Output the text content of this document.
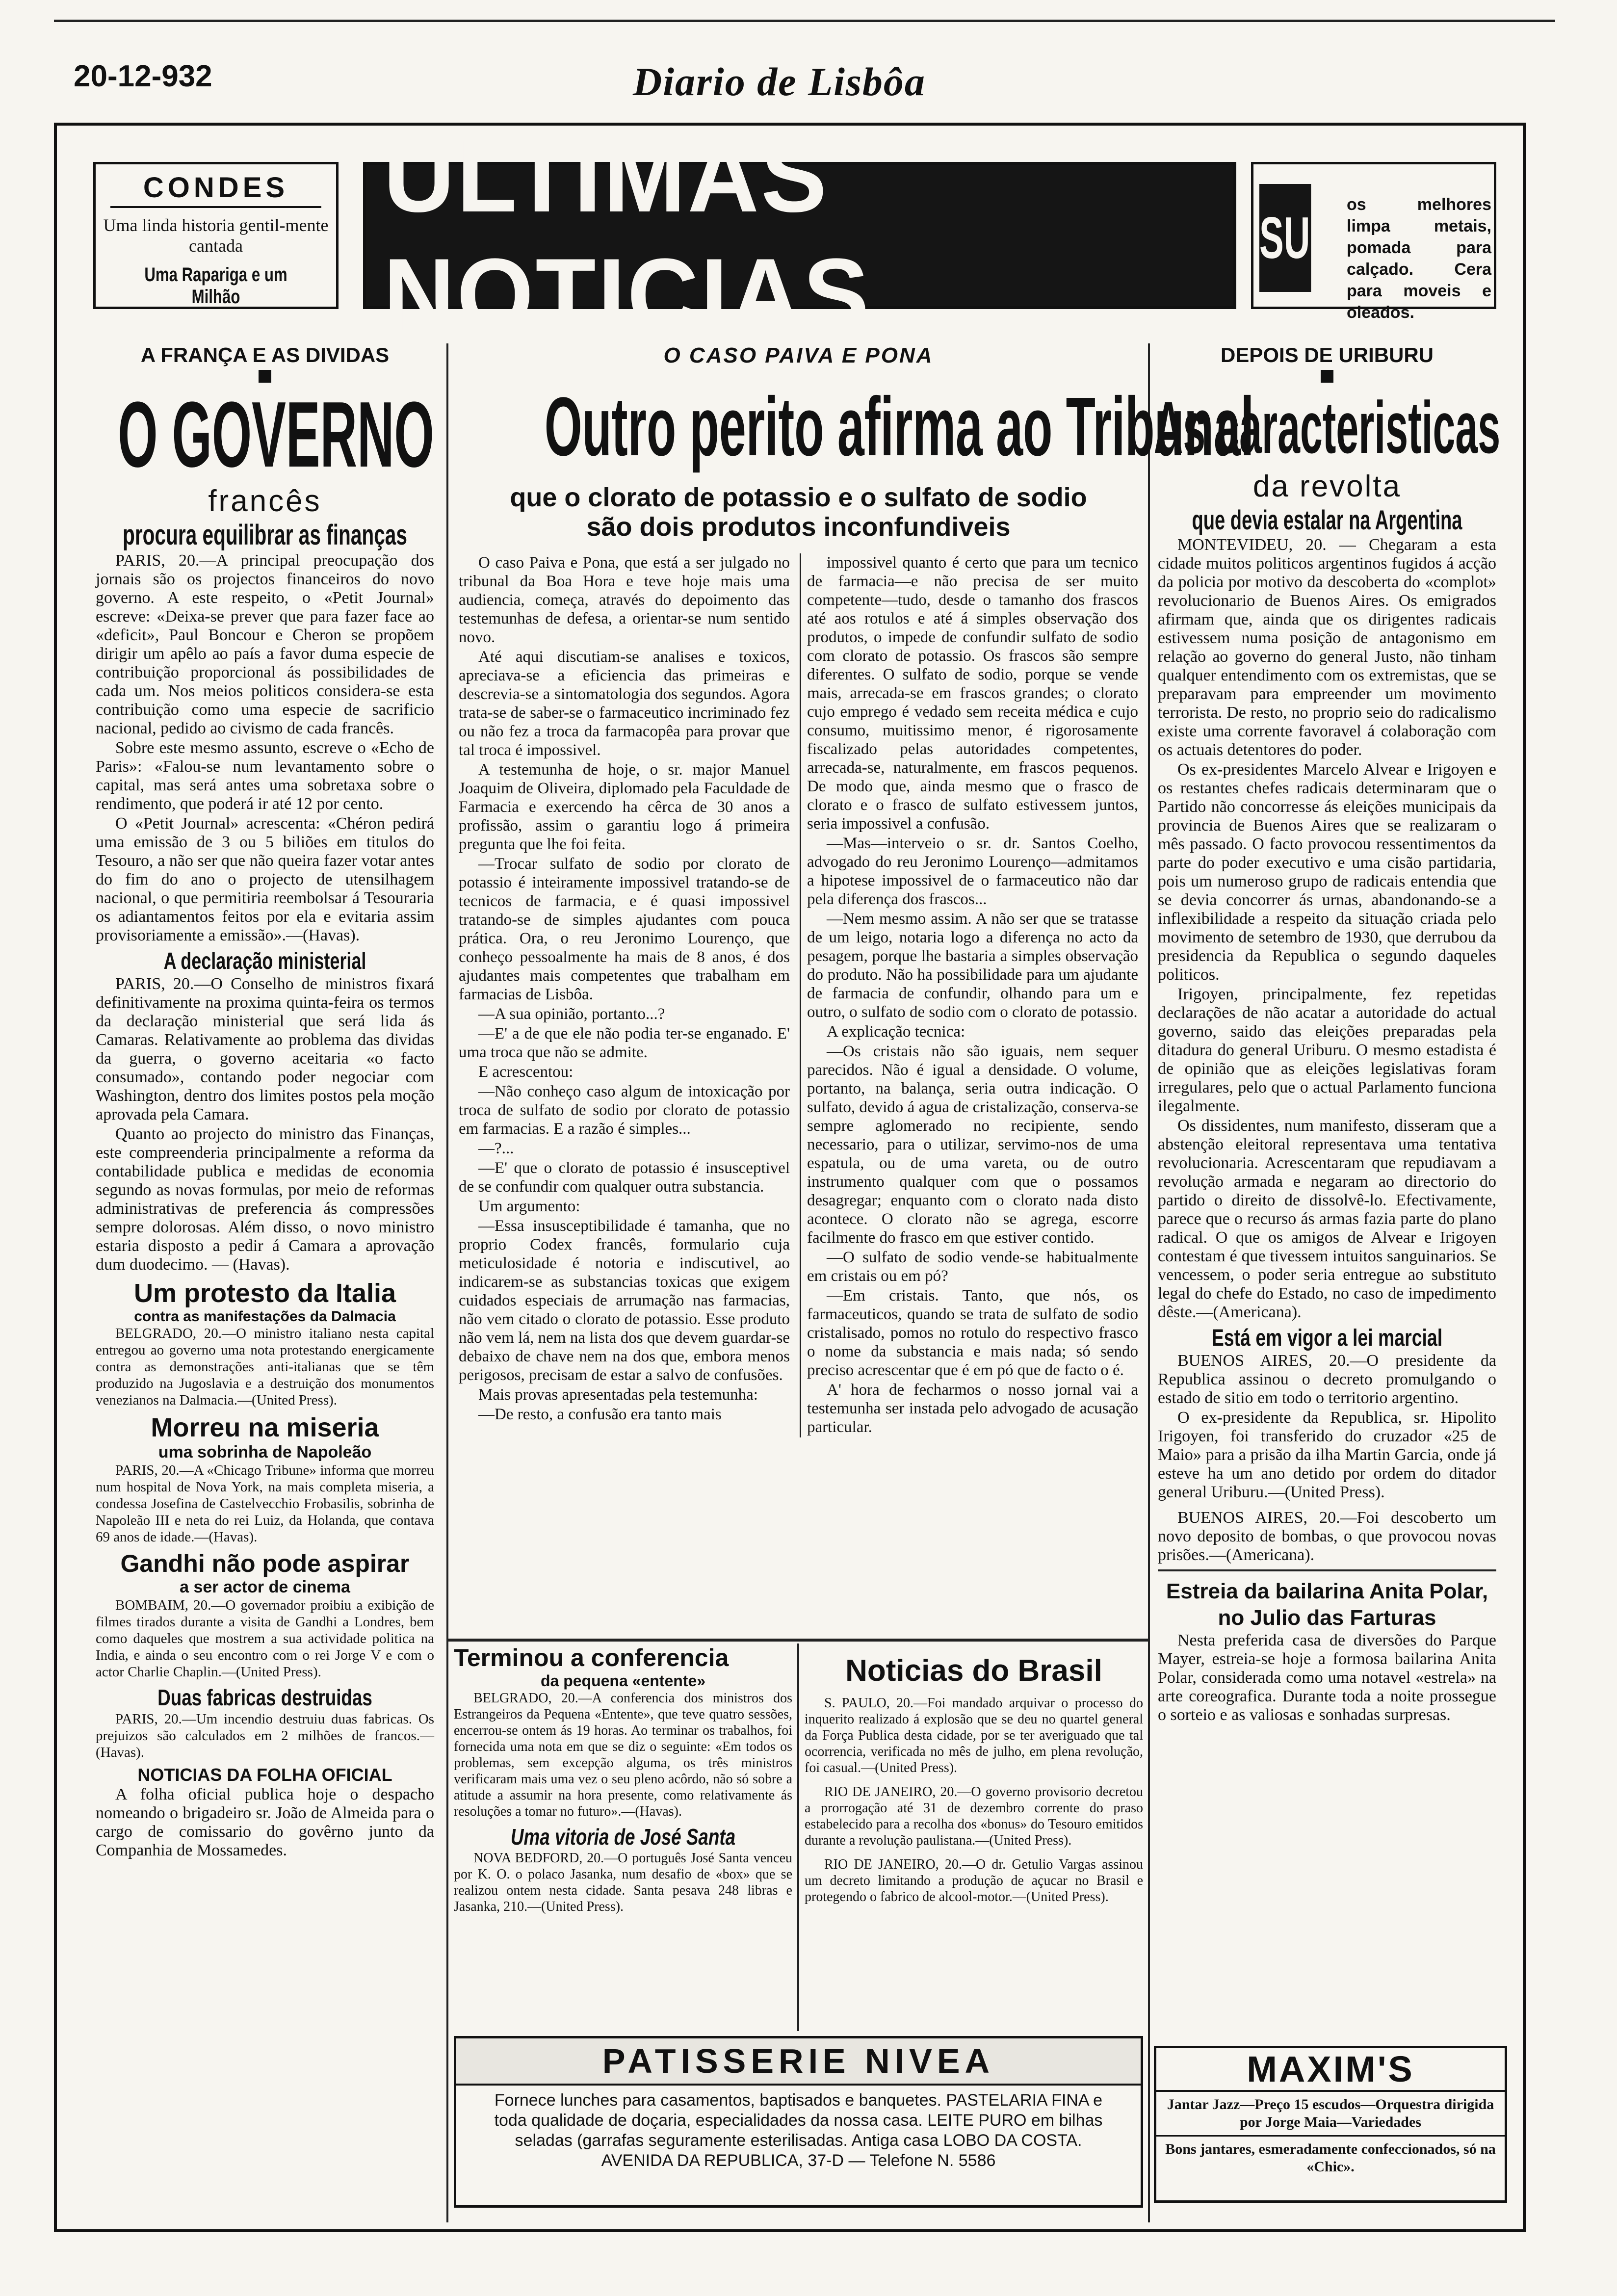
20-12-932	Diario de Lisbôa
CONDES
Uma linda historia gentil-mente cantada
Uma Rapariga e um Milhão
ULTIMAS NOTICIAS	SUM
os melhores limpa metais, pomada para calçado. Cera para moveis e oleados.
A FRANÇA E AS DIVIDAS
O GOVERNO
francês
procura equilibrar as finanças

PARIS, 20.—A principal preocupação dos jornais são os projectos financeiros do novo governo. A este respeito, o «Petit Journal» escreve: «Deixa-se prever que para fazer face ao «deficit», Paul Boncour e Cheron se propõem dirigir um apêlo ao país a favor duma especie de contribuição proporcional ás possibilidades de cada um. Nos meios politicos considera-se esta contribuição como uma especie de sacrificio nacional, pedido ao civismo de cada francês.

Sobre este mesmo assunto, escreve o «Echo de Paris»: «Falou-se num levantamento sobre o capital, mas será antes uma sobretaxa sobre o rendimento, que poderá ir até 12 por cento.

O «Petit Journal» acrescenta: «Chéron pedirá uma emissão de 3 ou 5 biliões em titulos do Tesouro, a não ser que não queira fazer votar antes do fim do ano o projecto de utensilhagem nacional, o que permitiria reembolsar á Tesouraria os adiantamentos feitos por ela e evitaria assim provisoriamente a emissão».—(Havas).

A declaração ministerial

PARIS, 20.—O Conselho de ministros fixará definitivamente na proxima quinta-feira os termos da declaração ministerial que será lida ás Camaras. Relativamente ao problema das dividas da guerra, o governo aceitaria «o facto consumado», contando poder negociar com Washington, dentro dos limites postos pela moção aprovada pela Camara.

Quanto ao projecto do ministro das Finanças, este compreenderia principalmente a reforma da contabilidade publica e medidas de economia segundo as novas formulas, por meio de reformas administrativas de preferencia ás compressões sempre dolorosas. Além disso, o novo ministro estaria disposto a pedir á Camara a aprovação dum duodecimo. — (Havas).

Um protesto da Italia
contra as manifestações da Dalmacia

BELGRADO, 20.—O ministro italiano nesta capital entregou ao governo uma nota protestando energicamente contra as demonstrações anti-italianas que se têm produzido na Jugoslavia e a destruição dos monumentos venezianos na Dalmacia.—(United Press).

Morreu na miseria
uma sobrinha de Napoleão

PARIS, 20.—A «Chicago Tribune» informa que morreu num hospital de Nova York, na mais completa miseria, a condessa Josefina de Castelvecchio Frobasilis, sobrinha de Napoleão III e neta do rei Luiz, da Holanda, que contava 69 anos de idade.—(Havas).

Gandhi não pode aspirar
a ser actor de cinema

BOMBAIM, 20.—O governador proibiu a exibição de filmes tirados durante a visita de Gandhi a Londres, bem como daqueles que mostrem a sua actividade politica na India, e ainda o seu encontro com o rei Jorge V e com o actor Charlie Chaplin.—(United Press).

Duas fabricas destruidas

PARIS, 20.—Um incendio destruiu duas fabricas. Os prejuizos são calculados em 2 milhões de francos.—(Havas).

NOTICIAS DA FOLHA OFICIAL

A folha oficial publica hoje o despacho nomeando o brigadeiro sr. João de Almeida para o cargo de comissario do govêrno junto da Companhia de Mossamedes.

O CASO PAIVA E PONA
Outro perito afirma ao Tribunal
que o clorato de potassio e o sulfato de sodio são dois produtos inconfundiveis

O caso Paiva e Pona, que está a ser julgado no tribunal da Boa Hora e teve hoje mais uma audiencia, começa, através do depoimento das testemunhas de defesa, a orientar-se num sentido novo.

Até aqui discutiam-se analises e toxicos, apreciava-se a eficiencia das primeiras e descrevia-se a sintomatologia dos segundos. Agora trata-se de saber-se o farmaceutico incriminado fez ou não fez a troca da farmacopêa para provar que tal troca é impossivel.

A testemunha de hoje, o sr. major Manuel Joaquim de Oliveira, diplomado pela Faculdade de Farmacia e exercendo ha cêrca de 30 anos a profissão, assim o garantiu logo á primeira pregunta que lhe foi feita.

—Trocar sulfato de sodio por clorato de potassio é inteiramente impossivel tratando-se de tecnicos de farmacia, e é quasi impossivel tratando-se de simples ajudantes com pouca prática. Ora, o reu Jeronimo Lourenço, que conheço pessoalmente ha mais de 8 anos, é dos ajudantes mais competentes que trabalham em farmacias de Lisbôa.

—A sua opinião, portanto...?

—E' a de que ele não podia ter-se enganado. E' uma troca que não se admite.

E acrescentou:

—Não conheço caso algum de intoxicação por troca de sulfato de sodio por clorato de potassio em farmacias. E a razão é simples...

—?...

—E' que o clorato de potassio é insusceptivel de se confundir com qualquer outra substancia.

Um argumento:

—Essa insusceptibilidade é tamanha, que no proprio Codex francês, formulario cuja meticulosidade é notoria e indiscutivel, ao indicarem-se as substancias toxicas que exigem cuidados especiais de arrumação nas farmacias, não vem citado o clorato de potassio. Esse produto não vem lá, nem na lista dos que devem guardar-se debaixo de chave nem na dos que, embora menos perigosos, precisam de estar a salvo de confusões.

Mais provas apresentadas pela testemunha:

—De resto, a confusão era tanto mais

impossivel quanto é certo que para um tecnico de farmacia—e não precisa de ser muito competente—tudo, desde o tamanho dos frascos até aos rotulos e até á simples observação dos produtos, o impede de confundir sulfato de sodio com clorato de potassio. Os frascos são sempre diferentes. O sulfato de sodio, porque se vende mais, arrecada-se em frascos grandes; o clorato cujo emprego é vedado sem receita médica e cujo consumo, muitissimo menor, é rigorosamente fiscalizado pelas autoridades competentes, arrecada-se, naturalmente, em frascos pequenos. De modo que, ainda mesmo que o frasco de clorato e o frasco de sulfato estivessem juntos, seria impossivel a confusão.

—Mas—interveio o sr. dr. Santos Coelho, advogado do reu Jeronimo Lourenço—admitamos a hipotese impossivel de o farmaceutico não dar pela diferença dos frascos...

—Nem mesmo assim. A não ser que se tratasse de um leigo, notaria logo a diferença no acto da pesagem, porque lhe bastaria a simples observação do produto. Não ha possibilidade para um ajudante de farmacia de confundir, olhando para um e outro, o sulfato de sodio com o clorato de potassio.

A explicação tecnica:

—Os cristais não são iguais, nem sequer parecidos. Não é igual a densidade. O volume, portanto, na balança, seria outra indicação. O sulfato, devido á agua de cristalização, conserva-se sempre aglomerado no recipiente, sendo necessario, para o utilizar, servimo-nos de uma espatula, ou de uma vareta, ou de outro instrumento qualquer com que o possamos desagregar; enquanto com o clorato nada disto acontece. O clorato não se agrega, escorre facilmente do frasco em que estiver contido.

—O sulfato de sodio vende-se habitualmente em cristais ou em pó?

—Em cristais. Tanto, que nós, os farmaceuticos, quando se trata de sulfato de sodio cristalisado, pomos no rotulo do respectivo frasco o nome da substancia e mais nada; só sendo preciso acrescentar que é em pó que de facto o é.

A' hora de fecharmos o nosso jornal vai a testemunha ser instada pelo advogado de acusação particular.

Terminou a conferencia
da pequena «entente»

BELGRADO, 20.—A conferencia dos ministros dos Estrangeiros da Pequena «Entente», que teve quatro sessões, encerrou-se ontem ás 19 horas. Ao terminar os trabalhos, foi fornecida uma nota em que se diz o seguinte: «Em todos os problemas, sem excepção alguma, os três ministros verificaram mais uma vez o seu pleno acôrdo, não só sobre a atitude a assumir na hora presente, como relativamente ás resoluções a tomar no futuro».—(Havas).

Uma vitoria de José Santa

NOVA BEDFORD, 20.—O português José Santa venceu por K. O. o polaco Jasanka, num desafio de «box» que se realizou ontem nesta cidade. Santa pesava 248 libras e Jasanka, 210.—(United Press).

Noticias do Brasil

S. PAULO, 20.—Foi mandado arquivar o processo do inquerito realizado á explosão que se deu no quartel general da Força Publica desta cidade, por se ter averiguado que tal ocorrencia, verificada no mês de julho, em plena revolução, foi casual.—(United Press).

RIO DE JANEIRO, 20.—O governo provisorio decretou a prorrogação até 31 de dezembro corrente do praso estabelecido para a recolha dos «bonus» do Tesouro emitidos durante a revolução paulistana.—(United Press).

RIO DE JANEIRO, 20.—O dr. Getulio Vargas assinou um decreto limitando a produção de açucar no Brasil e protegendo o fabrico de alcool-motor.—(United Press).

PATISSERIE NIVEA
Fornece lunches para casamentos, baptisados e banquetes. PASTELARIA FINA e toda qualidade de doçaria, especialidades da nossa casa. LEITE PURO em bilhas seladas (garrafas seguramente esterilisadas. Antiga casa LOBO DA COSTA. AVENIDA DA REPUBLICA, 37-D — Telefone N. 5586
DEPOIS DE URIBURU
As caracteristicas
da revolta
que devia estalar na Argentina

MONTEVIDEU, 20. — Chegaram a esta cidade muitos politicos argentinos fugidos á acção da policia por motivo da descoberta do «complot» revolucionario de Buenos Aires. Os emigrados afirmam que, ainda que os dirigentes radicais estivessem numa posição de antagonismo em relação ao governo do general Justo, não tinham qualquer entendimento com os extremistas, que se preparavam para empreender um movimento terrorista. De resto, no proprio seio do radicalismo existe uma corrente favoravel á colaboração com os actuais detentores do poder.

Os ex-presidentes Marcelo Alvear e Irigoyen e os restantes chefes radicais determinaram que o Partido não concorresse ás eleições municipais da provincia de Buenos Aires que se realizaram o mês passado. O facto provocou ressentimentos da parte do poder executivo e uma cisão partidaria, pois um numeroso grupo de radicais entendia que se devia concorrer ás urnas, abandonando-se a inflexibilidade a respeito da situação criada pelo movimento de setembro de 1930, que derrubou da presidencia da Republica o segundo daqueles politicos.

Irigoyen, principalmente, fez repetidas declarações de não acatar a autoridade do actual governo, saido das eleições preparadas pela ditadura do general Uriburu. O mesmo estadista é de opinião que as eleições legislativas foram irregulares, pelo que o actual Parlamento funciona ilegalmente.

Os dissidentes, num manifesto, disseram que a abstenção eleitoral representava uma tentativa revolucionaria. Acrescentaram que repudiavam a revolução armada e negaram ao directorio do partido o direito de dissolvê-lo. Efectivamente, parece que o recurso ás armas fazia parte do plano radical. O que os amigos de Alvear e Irigoyen contestam é que tivessem intuitos sanguinarios. Se vencessem, o poder seria entregue ao substituto legal do chefe do Estado, no caso de impedimento dêste.—(Americana).

Está em vigor a lei marcial

BUENOS AIRES, 20.—O presidente da Republica assinou o decreto promulgando o estado de sitio em todo o territorio argentino.

O ex-presidente da Republica, sr. Hipolito Irigoyen, foi transferido do cruzador «25 de Maio» para a prisão da ilha Martin Garcia, onde já esteve ha um ano detido por ordem do ditador general Uriburu.—(United Press).

BUENOS AIRES, 20.—Foi descoberto um novo deposito de bombas, o que provocou novas prisões.—(Americana).

Estreia da bailarina Anita Polar, no Julio das Farturas

Nesta preferida casa de diversões do Parque Mayer, estreia-se hoje a formosa bailarina Anita Polar, considerada como uma notavel «estrela» na arte coreografica. Durante toda a noite prossegue o sorteio e as valiosas e sonhadas surpresas.

MAXIM'S
Jantar Jazz—Preço 15 escudos—Orquestra dirigida por Jorge Maia—Variedades
Bons jantares, esmeradamente confeccionados, só na «Chic».
